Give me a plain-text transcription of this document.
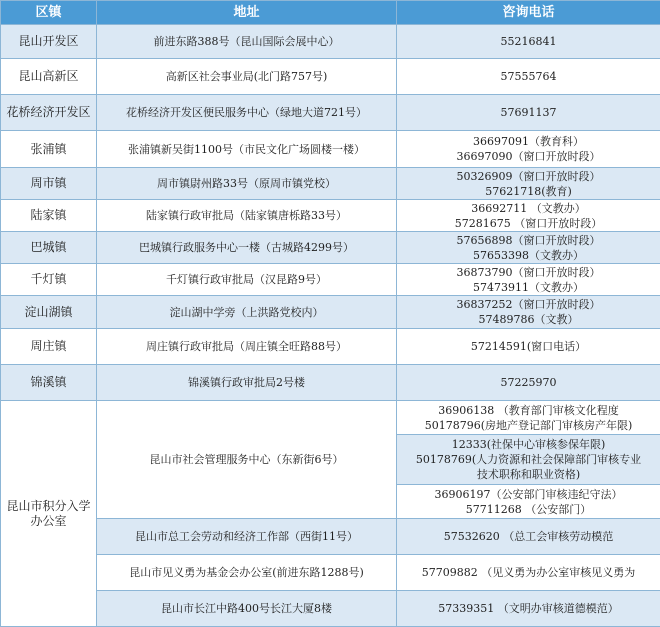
区镇	地址	咨询电话
昆山开发区	前进东路388号（昆山国际会展中心）	55216841

昆山高新区	高新区社会事业局(北门路757号)	57555764

花桥经济开发区	花桥经济开发区便民服务中心（绿地大道721号）	57691137

张浦镇	张浦镇新吴街1100号（市民文化广场圆楼一楼）	36697091（教育科）
36697090（窗口开放时段）

周市镇	周市镇尉州路33号（原周市镇党校）	50326909（窗口开放时段）
57621718(教育)

陆家镇	陆家镇行政审批局（陆家镇唐栎路33号）	36692711 （文教办）
57281675 （窗口开放时段）

巴城镇	巴城镇行政服务中心一楼（古城路4299号）	57656898（窗口开放时段）
57653398（文教办）

千灯镇	千灯镇行政审批局（汉昆路9号）	36873790（窗口开放时段）
57473911（文教办）

淀山湖镇	淀山湖中学旁（上洪路党校内）	36837252（窗口开放时段）
57489786（文教）

周庄镇	周庄镇行政审批局（周庄镇全旺路88号）	57214591(窗口电话）

锦溪镇	锦溪镇行政审批局2号楼	57225970

昆山市积分入学办公室	昆山市社会管理服务中心（东新街6号）	36906138 （教育部门审核文化程度
50178796(房地产登记部门审核房产年限)

		12333(社保中心审核参保年限)
50178769(人力资源和社会保障部门审核专业
技术职称和职业资格)

		36906197（公安部门审核违纪守法）
57711268 （公安部门）

	昆山市总工会劳动和经济工作部（西街11号）	57532620 （总工会审核劳动模范

	昆山市见义勇为基金会办公室(前进东路1288号)	57709882 （见义勇为办公室审核见义勇为

	昆山市长江中路400号长江大厦8楼	57339351 （文明办审核道德模范）
